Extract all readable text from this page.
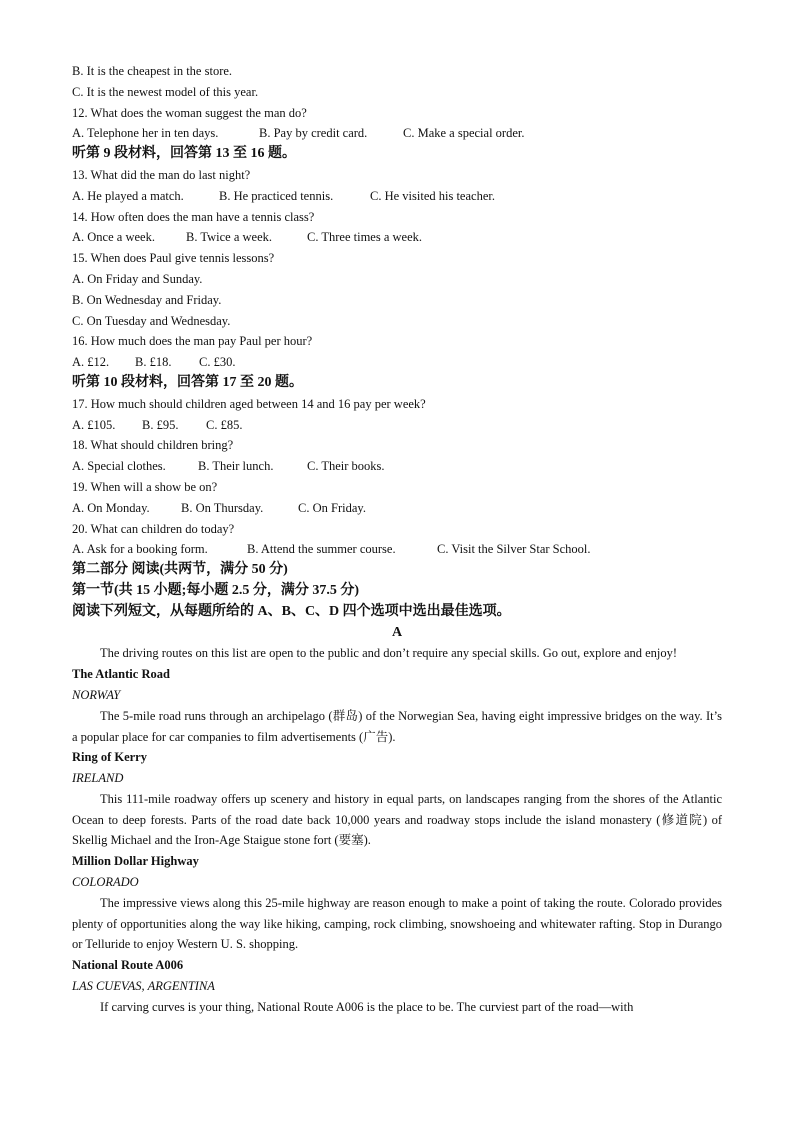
B. It is the cheapest in the store.
C. It is the newest model of this year.
12. What does the woman suggest the man do?
A. Telephone her in ten days.	B. Pay by credit card.	C. Make a special order.
听第 9 段材料，回答第 13 至 16 题。
13. What did the man do last night?
A. He played a match.	B. He practiced tennis.	C. He visited his teacher.
14. How often does the man have a tennis class?
A. Once a week. B. Twice a week.	C. Three times a week.
15. When does Paul give tennis lessons?
A. On Friday and Sunday.
B. On Wednesday and Friday.
C. On Tuesday and Wednesday.
16. How much does the man pay Paul per hour?
A. £12. B. £18. C. £30.
听第 10 段材料，回答第 17 至 20 题。
17. How much should children aged between 14 and 16 pay per week?
A. £105. B. £95. C. £85.
18. What should children bring?
A. Special clothes.	B. Their lunch.	C. Their books.
19. When will a show be on?
A. On Monday.	B. On Thursday.	C. On Friday.
20. What can children do today?
A. Ask for a booking form.	B. Attend the summer course.	C. Visit the Silver Star School.
第二部分 阅读(共两节，满分 50 分)
第一节(共 15 小题;每小题 2.5 分，满分 37.5 分)
阅读下列短文，从每题所给的 A、B、C、D 四个选项中选出最佳选项。
A
The driving routes on this list are open to the public and don’t require any special skills. Go out, explore and enjoy!
The Atlantic Road
NORWAY
The 5-mile road runs through an archipelago (群岛) of the Norwegian Sea, having eight impressive bridges on the way. It’s a popular place for car companies to film advertisements (广告).
Ring of Kerry
IRELAND
This 111-mile roadway offers up scenery and history in equal parts, on landscapes ranging from the shores of the Atlantic Ocean to deep forests. Parts of the road date back 10,000 years and roadway stops include the island monastery (修道院) of Skellig Michael and the Iron-Age Staigue stone fort (要塞).
Million Dollar Highway
COLORADO
The impressive views along this 25-mile highway are reason enough to make a point of taking the route. Colorado provides plenty of opportunities along the way like hiking, camping, rock climbing, snowshoeing and whitewater rafting. Stop in Durango or Telluride to enjoy Western U. S. shopping.
National Route A006
LAS CUEVAS, ARGENTINA
If carving curves is your thing, National Route A006 is the place to be. The curviest part of the road—with
